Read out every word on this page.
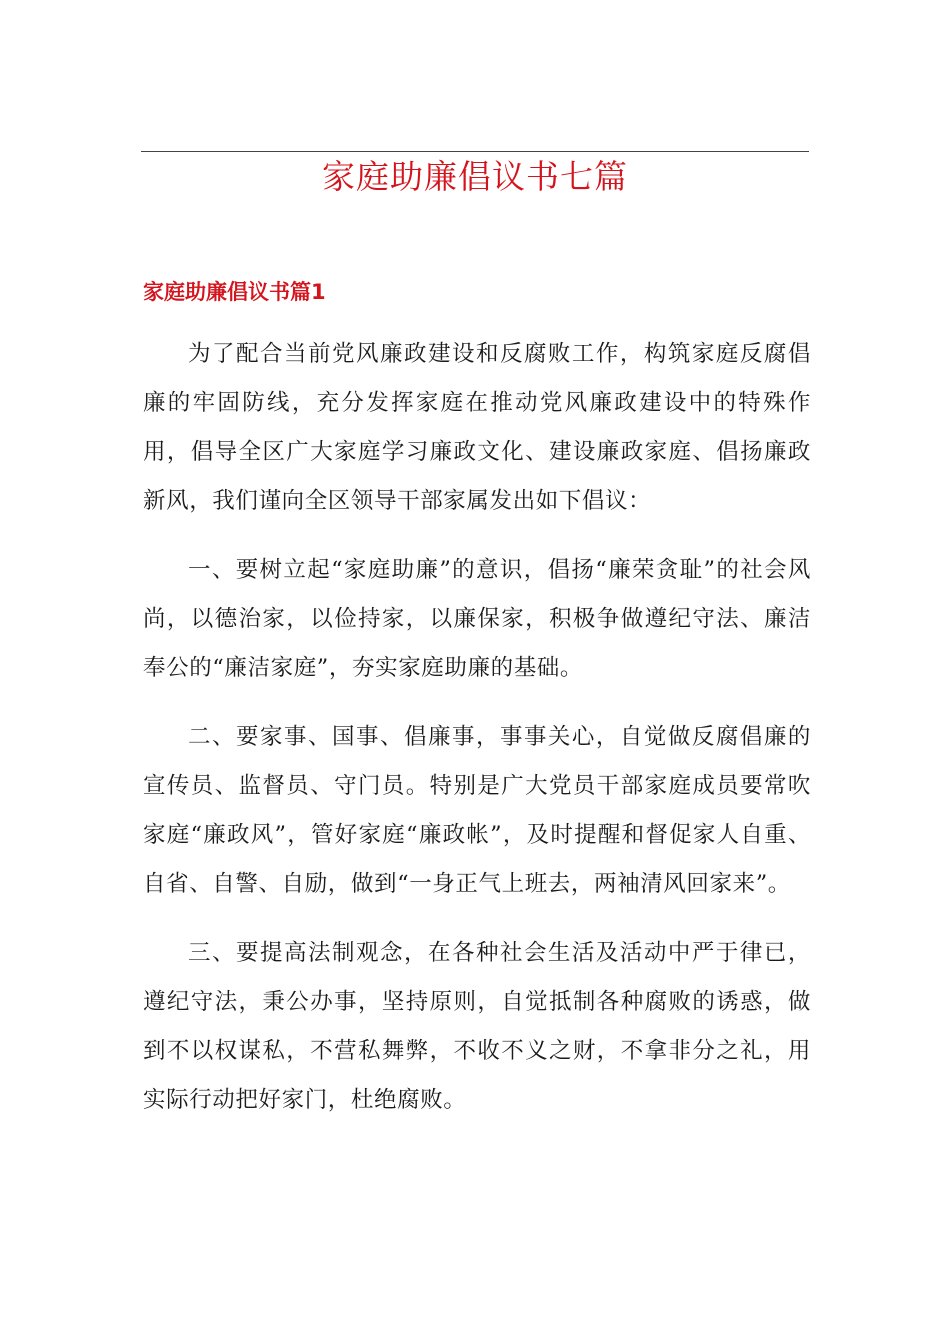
家庭助廉倡议书七篇
家庭助廉倡议书篇1

为了配合当前党风廉政建设和反腐败工作，构筑家庭反腐倡廉的牢固防线，充分发挥家庭在推动党风廉政建设中的特殊作用，倡导全区广大家庭学习廉政文化、建设廉政家庭、倡扬廉政新风，我们谨向全区领导干部家属发出如下倡议：

一、要树立起“家庭助廉”的意识，倡扬“廉荣贪耻”的社会风尚，以德治家，以俭持家，以廉保家，积极争做遵纪守法、廉洁奉公的“廉洁家庭”，夯实家庭助廉的基础。

二、要家事、国事、倡廉事，事事关心，自觉做反腐倡廉的宣传员、监督员、守门员。特别是广大党员干部家庭成员要常吹家庭“廉政风”，管好家庭“廉政帐”，及时提醒和督促家人自重、自省、自警、自励，做到“一身正气上班去，两袖清风回家来”。

三、要提高法制观念，在各种社会生活及活动中严于律已，遵纪守法，秉公办事，坚持原则，自觉抵制各种腐败的诱惑，做到不以权谋私，不营私舞弊，不收不义之财，不拿非分之礼，用实际行动把好家门，杜绝腐败。
